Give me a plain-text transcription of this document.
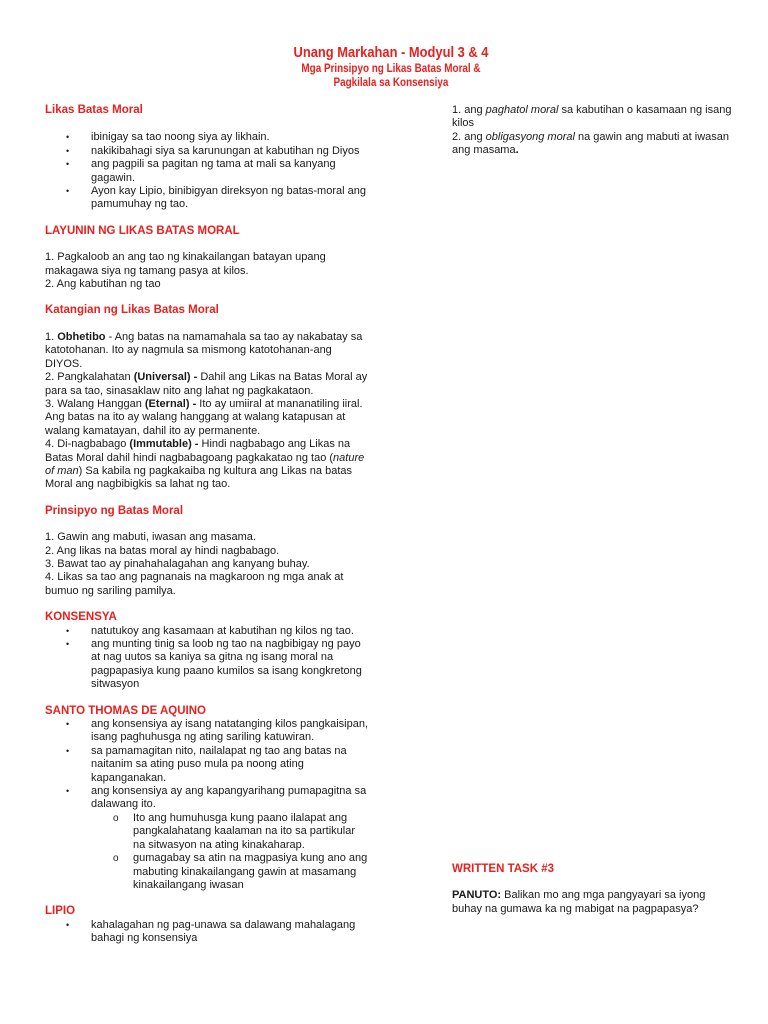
Unang Markahan - Modyul 3 & 4
Mga Prinsipyo ng Likas Batas Moral &
Pagkilala sa Konsensiya

Likas Batas Moral

• ibinigay sa tao noong siya ay likhain.
• nakikibahagi siya sa karunungan at kabutihan ng Diyos
• ang pagpili sa pagitan ng tama at mali sa kanyang gagawin.
• Ayon kay Lipio, binibigyan direksyon ng batas-moral ang pamumuhay ng tao.

LAYUNIN NG LIKAS BATAS MORAL

1. Pagkaloob an ang tao ng kinakailangan batayan upang makagawa siya ng tamang pasya at kilos.

2. Ang kabutihan ng tao

Katangian ng Likas Batas Moral

1. Obhetibo - Ang batas na namamahala sa tao ay nakabatay sa katotohanan. Ito ay nagmula sa mismong katotohanan-ang DIYOS.

2. Pangkalahatan (Universal) - Dahil ang Likas na Batas Moral ay para sa tao, sinasaklaw nito ang lahat ng pagkakataon.

3. Walang Hanggan (Eternal) - Ito ay umiiral at mananatiling iiral. Ang batas na ito ay walang hanggang at walang katapusan at walang kamatayan, dahil ito ay permanente.

4. Di-nagbabago (Immutable) - Hindi nagbabago ang Likas na Batas Moral dahil hindi nagbabagoang pagkakatao ng tao (nature of man) Sa kabila ng pagkakaiba ng kultura ang Likas na batas Moral ang nagbibigkis sa lahat ng tao.

Prinsipyo ng Batas Moral

1. Gawin ang mabuti, iwasan ang masama.

2. Ang likas na batas moral ay hindi nagbabago.

3. Bawat tao ay pinahahalagahan ang kanyang buhay.

4. Likas sa tao ang pagnanais na magkaroon ng mga anak at bumuo ng sariling pamilya.

KONSENSYA

• natutukoy ang kasamaan at kabutihan ng kilos ng tao.
• ang munting tinig sa loob ng tao na nagbibigay ng payo at nag uutos sa kaniya sa gitna ng isang moral na pagpapasiya kung paano kumilos sa isang kongkretong sitwasyon

SANTO THOMAS DE AQUINO

• ang konsensiya ay isang natatanging kilos pangkaisipan, isang paghuhusga ng ating sariling katuwiran.
• sa pamamagitan nito, nailalapat ng tao ang batas na naitanim sa ating puso mula pa noong ating kapanganakan.
• ang konsensiya ay ang kapangyarihang pumapagitna sa dalawang ito.
o Ito ang humuhusga kung paano ilalapat ang pangkalahatang kaalaman na ito sa partikular na sitwasyon na ating kinakaharap.
o gumagabay sa atin na magpasiya kung ano ang mabuting kinakailangang gawin at masamang kinakailangang iwasan

LIPIO

• kahalagahan ng pag-unawa sa dalawang mahalagang bahagi ng konsensiya

1. ang paghatol moral sa kabutihan o kasamaan ng isang kilos

2. ang obligasyong moral na gawin ang mabuti at iwasan ang masama.

WRITTEN TASK #3

PANUTO: Balikan mo ang mga pangyayari sa iyong buhay na gumawa ka ng mabigat na pagpapasya?
